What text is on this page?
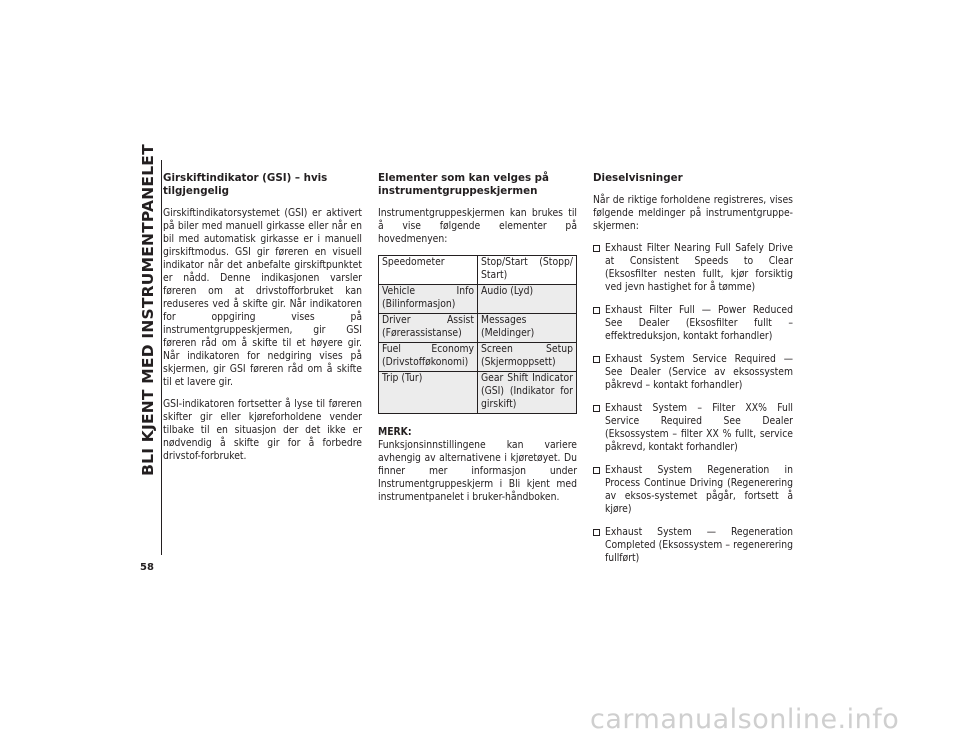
BLI KJENT MED INSTRUMENTPANELET
58
Girskiftindikator (GSI) – hvis tilgjengelig

Girskiftindikatorsystemet (GSI) er aktivert på biler med manuell girkasse eller når en bil med automatisk girkasse er i manuell girskiftmodus. GSI gir føreren en visuell indikator når det anbefalte girskiftpunktet er nådd. Denne indikasjonen varsler føreren om at drivstofforbruket kan reduseres ved å skifte gir. Når indikatoren for oppgiring vises på instrumentgruppeskjermen, gir GSI føreren råd om å skifte til et høyere gir. Når indikatoren for nedgiring vises på skjermen, gir GSI føreren råd om å skifte til et lavere gir.

GSI-indikatoren fortsetter å lyse til føreren skifter gir eller kjøreforholdene vender tilbake til en situasjon der det ikke er nødvendig å skifte gir for å forbedre drivstof-forbruket.

Elementer som kan velges på instrumentgruppeskjermen

Instrumentgruppeskjermen kan brukes til å vise følgende elementer på hovedmenyen:

Speedometer	Stop/Start (Stopp/ Start)
Vehicle Info (Bilinformasjon)	Audio (Lyd)
Driver Assist (Førerassistanse)	Messages (Meldinger)
Fuel Economy (Drivstofføkonomi)	Screen Setup (Skjermoppsett)
Trip (Tur)	Gear Shift Indicator (GSI) (Indikator for girskift)
MERK:

Funksjonsinnstillingene kan variere avhengig av alternativene i kjøretøyet. Du finner mer informasjon under Instrumentgruppeskjerm i Bli kjent med instrumentpanelet i bruker-håndboken.

Dieselvisninger

Når de riktige forholdene registreres, vises følgende meldinger på instrumentgruppe-skjermen:

Exhaust Filter Nearing Full Safely Drive at Consistent Speeds to Clear (Eksosfilter nesten fullt, kjør forsiktig ved jevn hastighet for å tømme)
Exhaust Filter Full — Power Reduced See Dealer (Eksosfilter fullt – effektreduksjon, kontakt forhandler)
Exhaust System Service Required — See Dealer (Service av eksossystem påkrevd – kontakt forhandler)
Exhaust System – Filter XX% Full Service Required See Dealer (Eksossystem – filter XX % fullt, service påkrevd, kontakt forhandler)
Exhaust System Regeneration in Process Continue Driving (Regenerering av eksos-systemet pågår, fortsett å kjøre)
Exhaust System — Regeneration Completed (Eksossystem – regenerering fullført)
carmanualsonline.info
